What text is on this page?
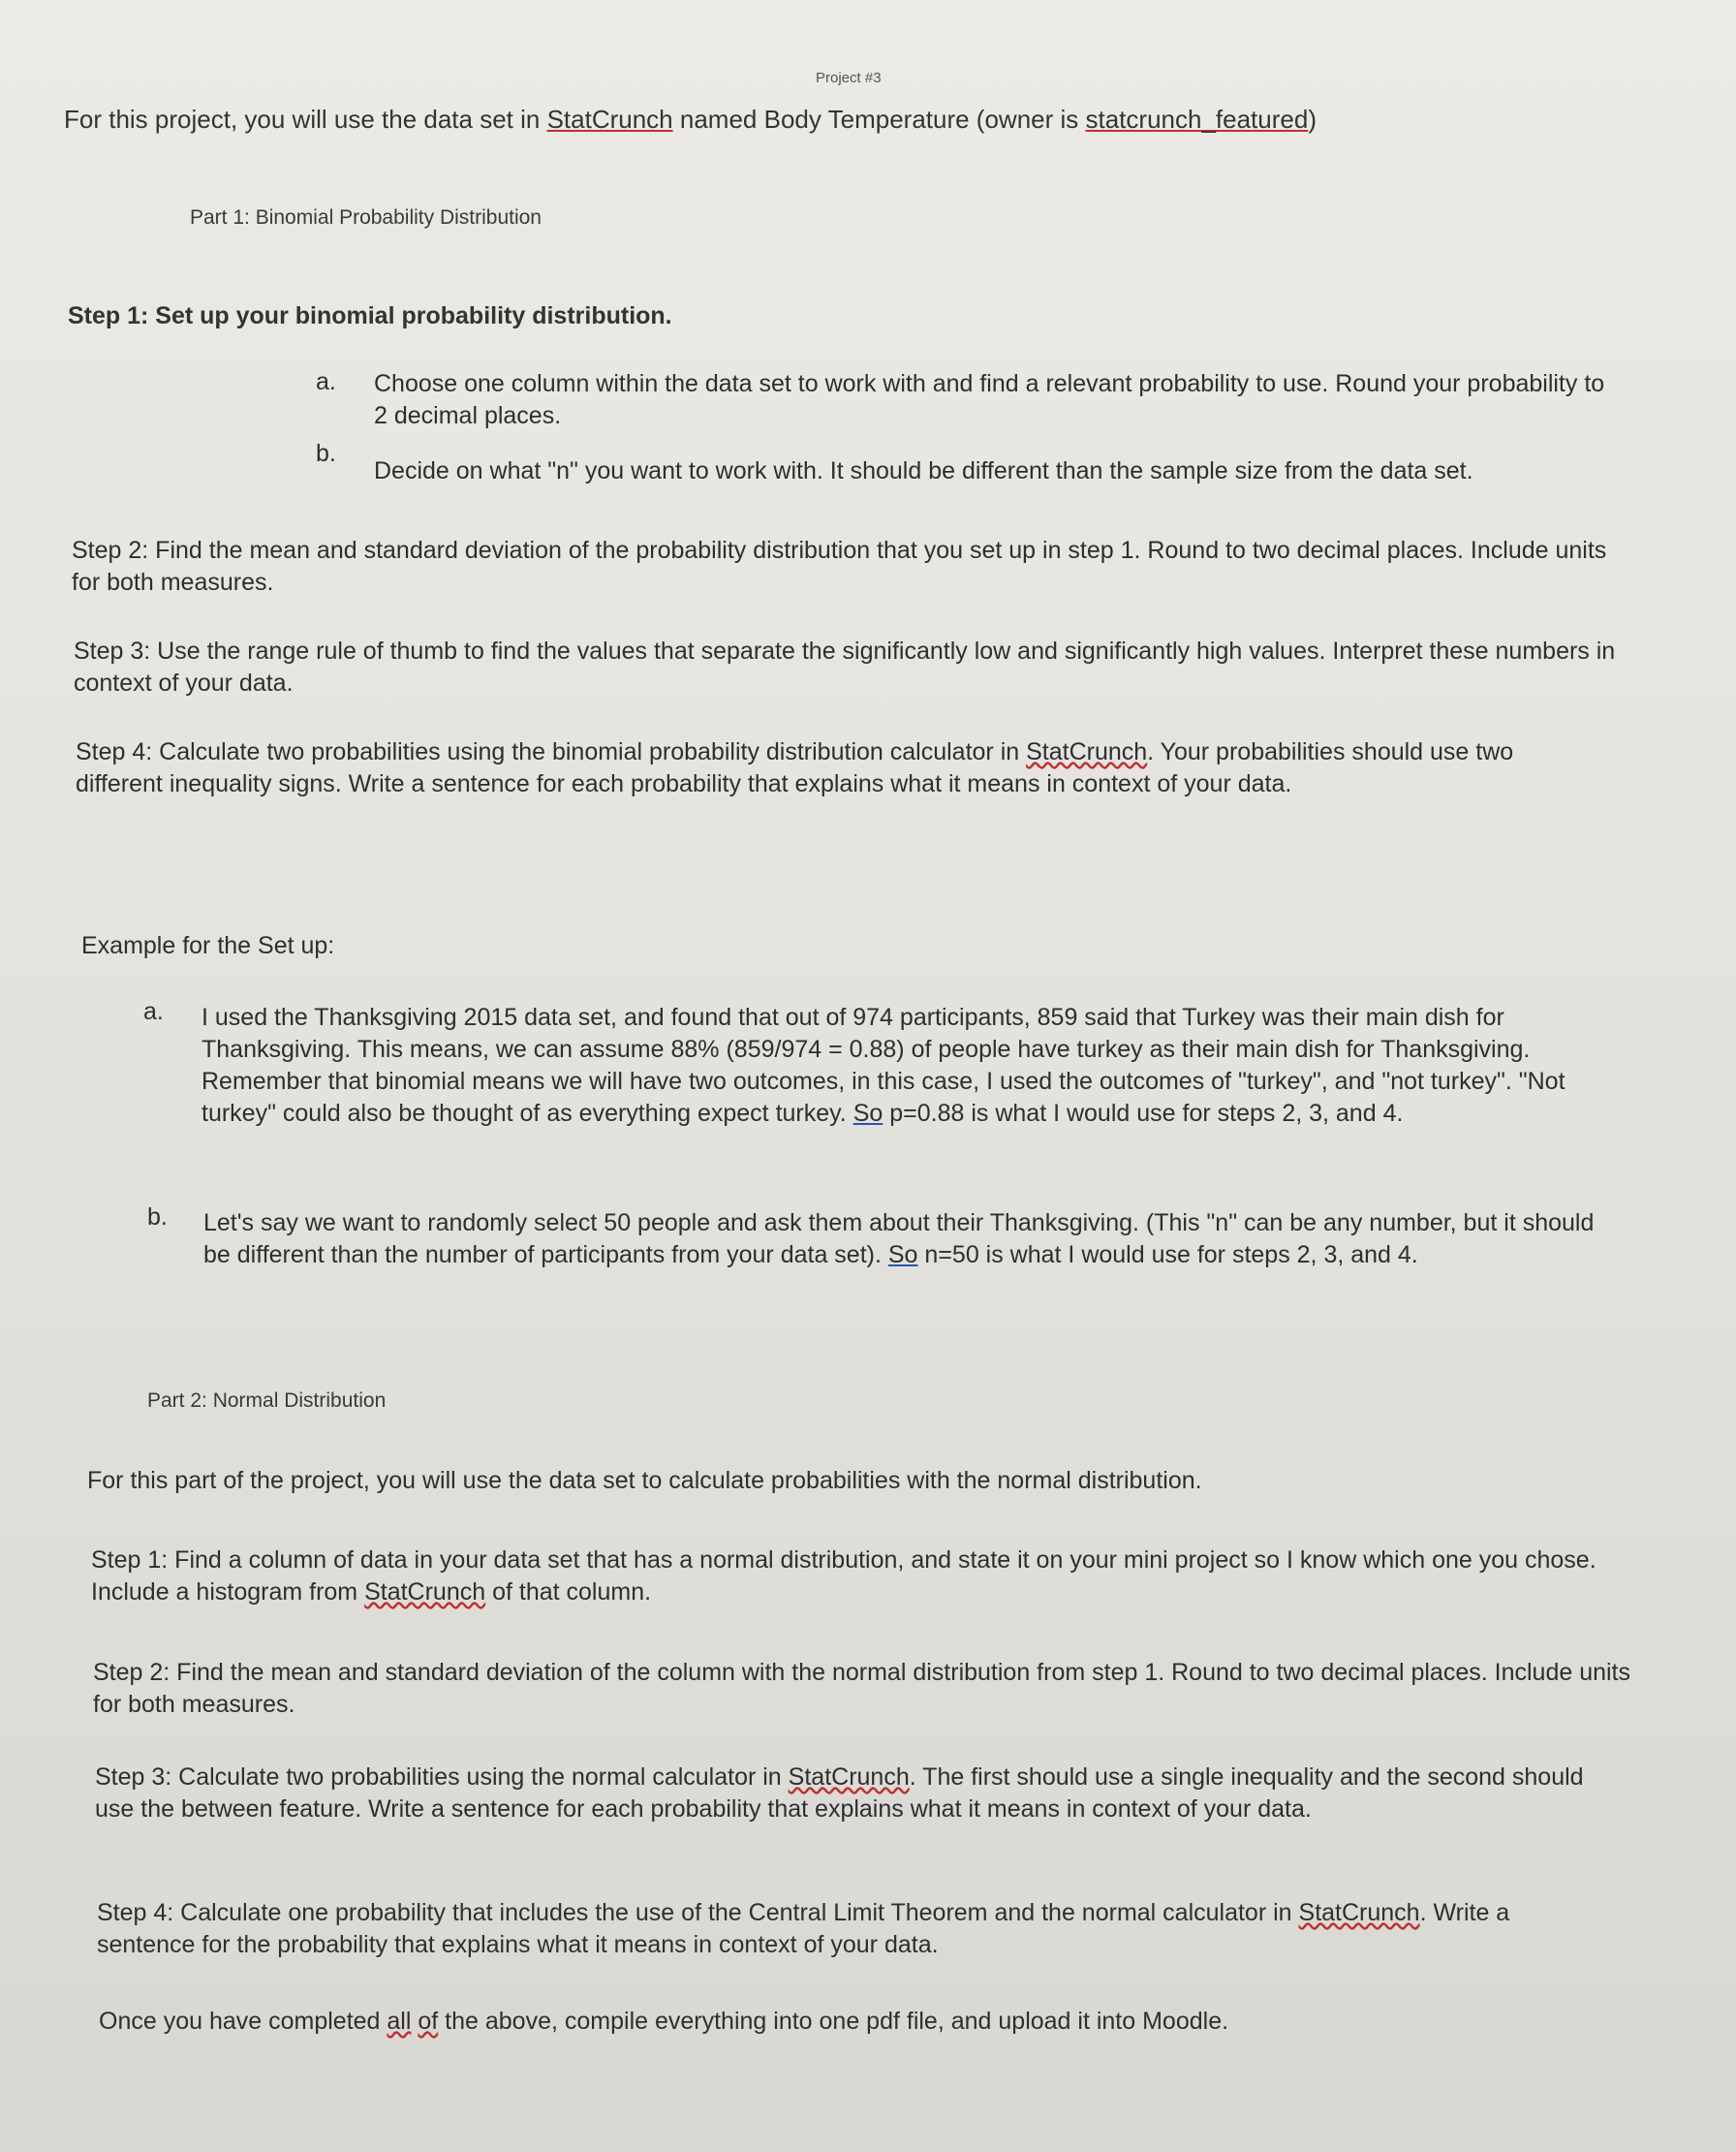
Project #3
For this project, you will use the data set in StatCrunch named Body Temperature (owner is statcrunch_featured)
Part 1: Binomial Probability Distribution
Step 1: Set up your binomial probability distribution.
a. Choose one column within the data set to work with and find a relevant probability to use. Round your probability to 2 decimal places.
b.
Decide on what "n" you want to work with. It should be different than the sample size from the data set.
Step 2: Find the mean and standard deviation of the probability distribution that you set up in step 1. Round to two decimal places. Include units for both measures.
Step 3: Use the range rule of thumb to find the values that separate the significantly low and significantly high values. Interpret these numbers in context of your data.
Step 4: Calculate two probabilities using the binomial probability distribution calculator in StatCrunch. Your probabilities should use two different inequality signs. Write a sentence for each probability that explains what it means in context of your data.
Example for the Set up:
a. I used the Thanksgiving 2015 data set, and found that out of 974 participants, 859 said that Turkey was their main dish for Thanksgiving. This means, we can assume 88% (859/974 = 0.88) of people have turkey as their main dish for Thanksgiving. Remember that binomial means we will have two outcomes, in this case, I used the outcomes of "turkey", and "not turkey". "Not turkey" could also be thought of as everything expect turkey. So p=0.88 is what I would use for steps 2, 3, and 4.
b. Let's say we want to randomly select 50 people and ask them about their Thanksgiving. (This "n" can be any number, but it should be different than the number of participants from your data set). So n=50 is what I would use for steps 2, 3, and 4.
Part 2: Normal Distribution
For this part of the project, you will use the data set to calculate probabilities with the normal distribution.
Step 1: Find a column of data in your data set that has a normal distribution, and state it on your mini project so I know which one you chose. Include a histogram from StatCrunch of that column.
Step 2: Find the mean and standard deviation of the column with the normal distribution from step 1. Round to two decimal places. Include units for both measures.
Step 3: Calculate two probabilities using the normal calculator in StatCrunch. The first should use a single inequality and the second should use the between feature. Write a sentence for each probability that explains what it means in context of your data.
Step 4: Calculate one probability that includes the use of the Central Limit Theorem and the normal calculator in StatCrunch. Write a sentence for the probability that explains what it means in context of your data.
Once you have completed all of the above, compile everything into one pdf file, and upload it into Moodle.
